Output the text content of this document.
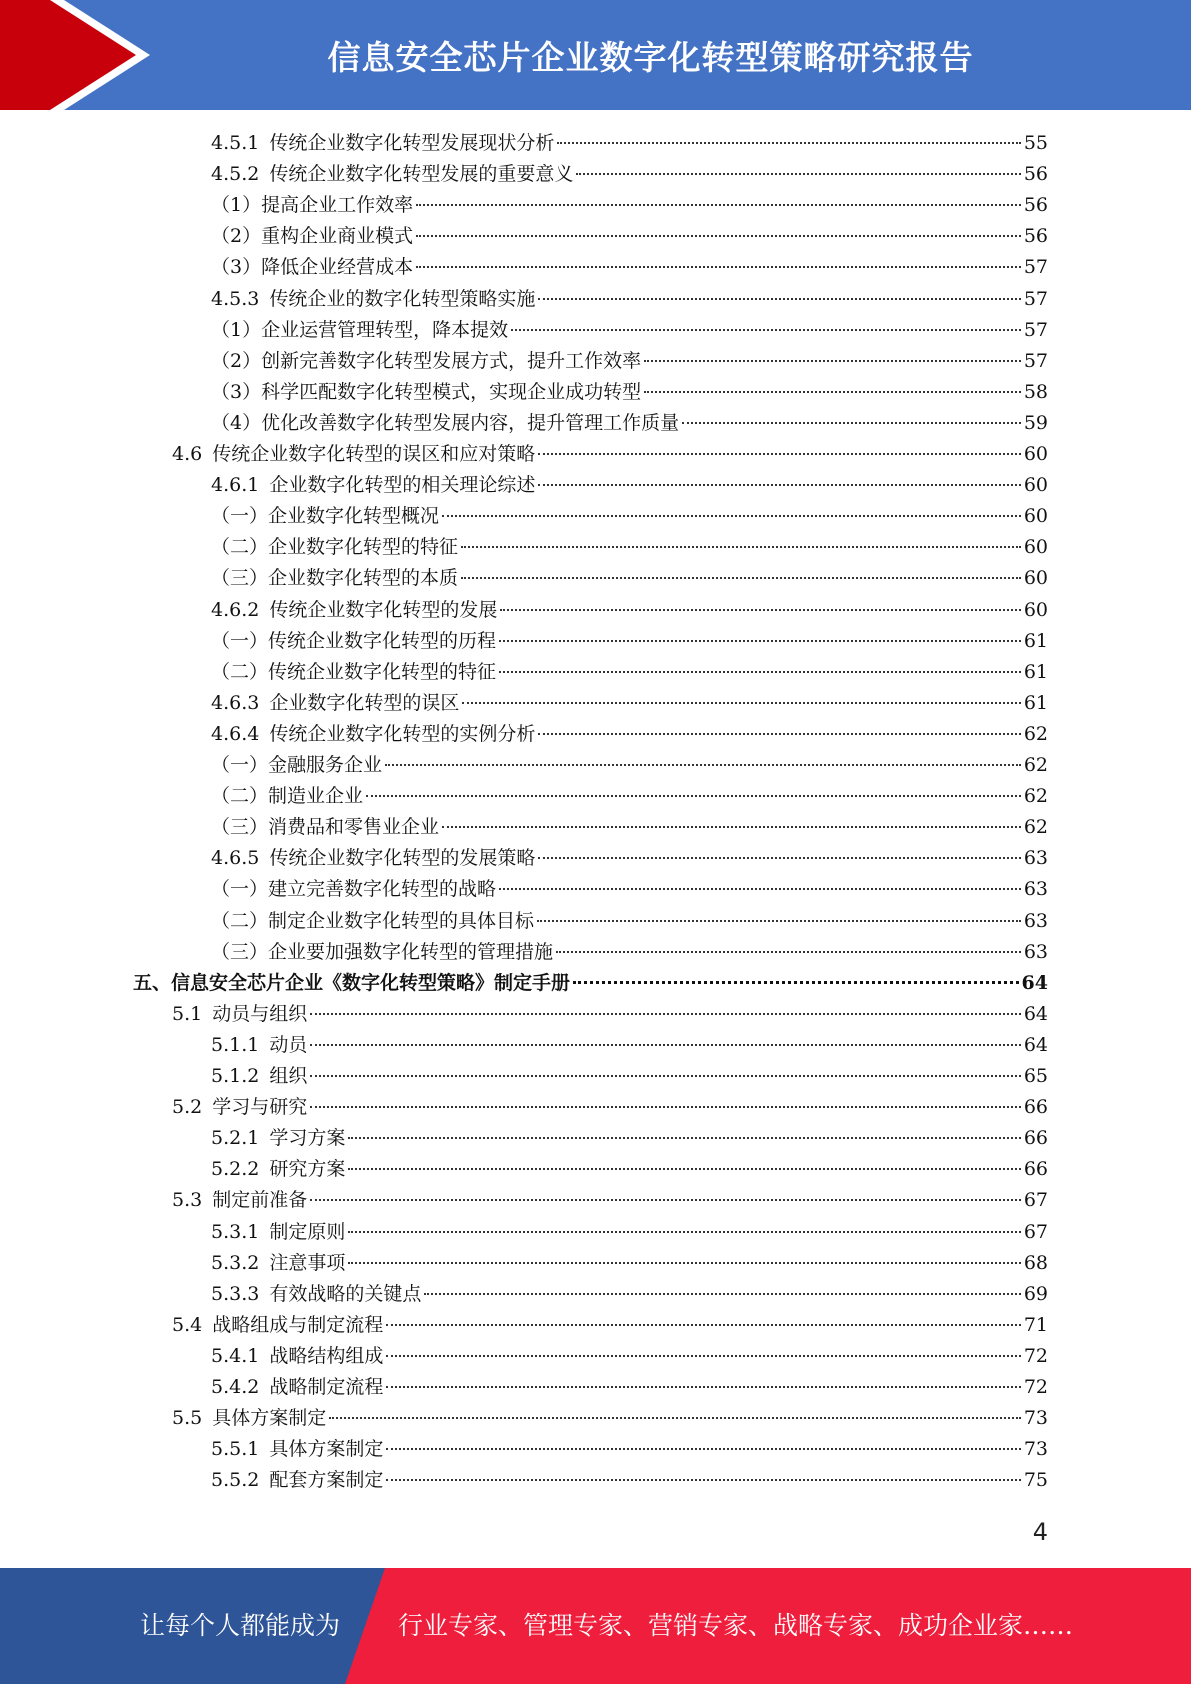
信息安全芯片企业数字化转型策略研究报告
4.5.1 传统企业数字化转型发展现状分析	55
4.5.2 传统企业数字化转型发展的重要意义	56
（1）提高企业工作效率	56
（2）重构企业商业模式	56
（3）降低企业经营成本	57
4.5.3 传统企业的数字化转型策略实施	57
（1）企业运营管理转型，降本提效	57
（2）创新完善数字化转型发展方式，提升工作效率	57
（3）科学匹配数字化转型模式，实现企业成功转型	58
（4）优化改善数字化转型发展内容，提升管理工作质量	59
4.6 传统企业数字化转型的误区和应对策略	60
4.6.1 企业数字化转型的相关理论综述	60
（一）企业数字化转型概况	60
（二）企业数字化转型的特征	60
（三）企业数字化转型的本质	60
4.6.2 传统企业数字化转型的发展	60
（一）传统企业数字化转型的历程	61
（二）传统企业数字化转型的特征	61
4.6.3 企业数字化转型的误区	61
4.6.4 传统企业数字化转型的实例分析	62
（一）金融服务企业	62
（二）制造业企业	62
（三）消费品和零售业企业	62
4.6.5 传统企业数字化转型的发展策略	63
（一）建立完善数字化转型的战略	63
（二）制定企业数字化转型的具体目标	63
（三）企业要加强数字化转型的管理措施	63
五、信息安全芯片企业《数字化转型策略》制定手册	64
5.1 动员与组织	64
5.1.1 动员	64
5.1.2 组织	65
5.2 学习与研究	66
5.2.1 学习方案	66
5.2.2 研究方案	66
5.3 制定前准备	67
5.3.1 制定原则	67
5.3.2 注意事项	68
5.3.3 有效战略的关键点	69
5.4 战略组成与制定流程	71
5.4.1 战略结构组成	72
5.4.2 战略制定流程	72
5.5 具体方案制定	73
5.5.1 具体方案制定	73
5.5.2 配套方案制定	75
4
让每个人都能成为 行业专家、管理专家、营销专家、战略专家、成功企业家……
